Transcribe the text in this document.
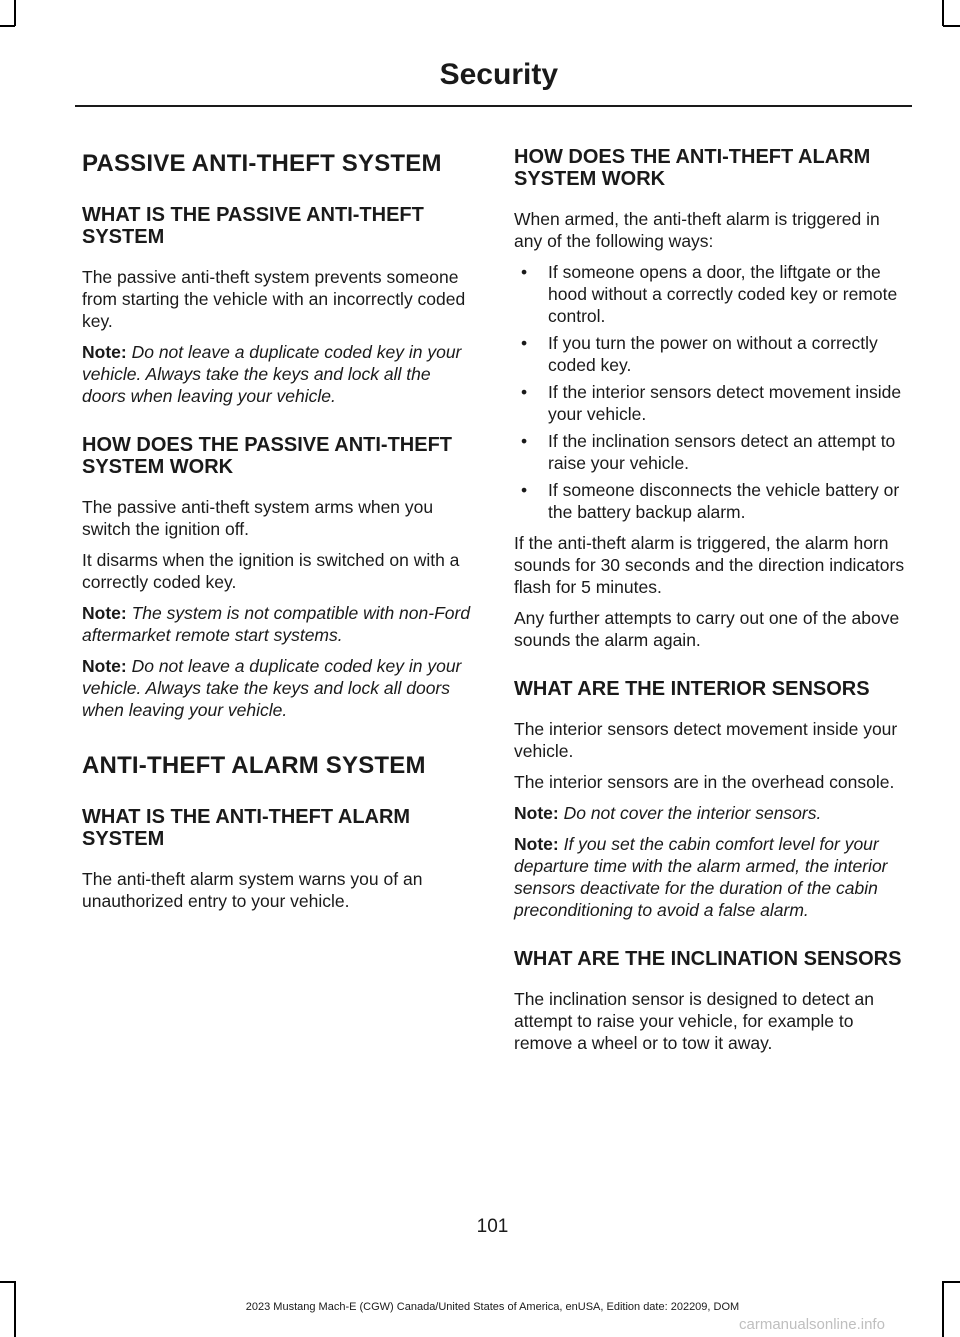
Security
PASSIVE ANTI-THEFT SYSTEM
WHAT IS THE PASSIVE ANTI-THEFT SYSTEM

The passive anti-theft system prevents someone from starting the vehicle with an incorrectly coded key.

Note: Do not leave a duplicate coded key in your vehicle. Always take the keys and lock all the doors when leaving your vehicle.

HOW DOES THE PASSIVE ANTI-THEFT SYSTEM WORK

The passive anti-theft system arms when you switch the ignition off.

It disarms when the ignition is switched on with a correctly coded key.

Note: The system is not compatible with non-Ford aftermarket remote start systems.

Note: Do not leave a duplicate coded key in your vehicle. Always take the keys and lock all doors when leaving your vehicle.

ANTI-THEFT ALARM SYSTEM
WHAT IS THE ANTI-THEFT ALARM SYSTEM

The anti-theft alarm system warns you of an unauthorized entry to your vehicle.

HOW DOES THE ANTI-THEFT ALARM SYSTEM WORK

When armed, the anti-theft alarm is triggered in any of the following ways:

• If someone opens a door, the liftgate or the hood without a correctly coded key or remote control.
• If you turn the power on without a correctly coded key.
• If the interior sensors detect movement inside your vehicle.
• If the inclination sensors detect an attempt to raise your vehicle.
• If someone disconnects the vehicle battery or the battery backup alarm.

If the anti-theft alarm is triggered, the alarm horn sounds for 30 seconds and the direction indicators flash for 5 minutes.

Any further attempts to carry out one of the above sounds the alarm again.

WHAT ARE THE INTERIOR SENSORS

The interior sensors detect movement inside your vehicle.

The interior sensors are in the overhead console.

Note: Do not cover the interior sensors.

Note: If you set the cabin comfort level for your departure time with the alarm armed, the interior sensors deactivate for the duration of the cabin preconditioning to avoid a false alarm.

WHAT ARE THE INCLINATION SENSORS

The inclination sensor is designed to detect an attempt to raise your vehicle, for example to remove a wheel or to tow it away.

101
2023 Mustang Mach-E (CGW) Canada/United States of America, enUSA, Edition date: 202209, DOM
carmanualsonline.info
